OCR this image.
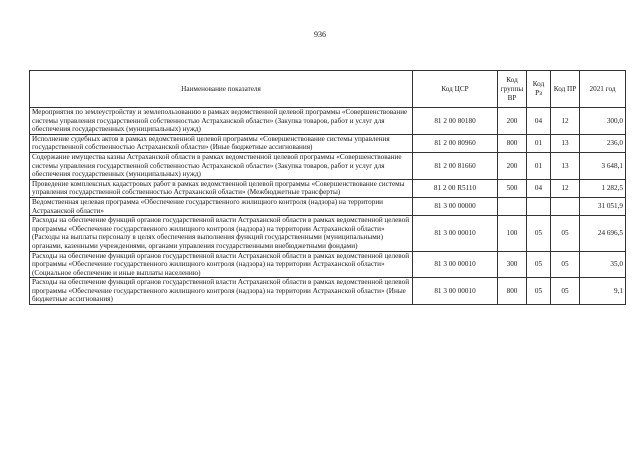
936
Наименование показателя	Код ЦСР	Код группы ВР	Код Рз	Код ПР	2021 год
Мероприятия по землеустройству и землепользованию в рамках ведомственной целевой программы «Совершенствование системы управления государственной собственностью Астраханской области» (Закупка товаров, работ и услуг для обеспечения государственных (муниципальных) нужд)	81 2 00 80180	200	04	12	300,0
Исполнение судебных актов в рамках ведомственной целевой программы «Совершенствование системы управления государственной собственностью Астраханской области» (Иные бюджетные ассигнования)	81 2 00 80960	800	01	13	236,0
Содержание имущества казны Астраханской области в рамках ведомственной целевой программы «Совершенствование системы управления государственной собственностью Астраханской области» (Закупка товаров, работ и услуг для обеспечения государственных (муниципальных) нужд)	81 2 00 81660	200	01	13	3 648,1
Проведение комплексных кадастровых работ в рамках ведомственной целевой программы «Совершенствование системы управления государственной собственностью Астраханской области» (Межбюджетные трансферты)	81 2 00 R5110	500	04	12	1 282,5
Ведомственная целевая программа «Обеспечение государственного жилищного контроля (надзора) на территории Астраханской области»	81 3 00 00000				31 051,9
Расходы на обеспечение функций органов государственной власти Астраханской области в рамках ведомственной целевой программы «Обеспечение государственного жилищного контроля (надзора) на территории Астраханской области» (Расходы на выплаты персоналу в целях обеспечения выполнения функций государственными (муниципальными) органами, казенными учреждениями, органами управления государственными внебюджетными фондами)	81 3 00 00010	100	05	05	24 696,5
Расходы на обеспечение функций органов государственной власти Астраханской области в рамках ведомственной целевой программы «Обеспечение государственного жилищного контроля (надзора) на территории Астраханской области» (Социальное обеспечение и иные выплаты населению)	81 3 00 00010	300	05	05	35,0
Расходы на обеспечение функций органов государственной власти Астраханской области в рамках ведомственной целевой программы «Обеспечение государственного жилищного контроля (надзора) на территории Астраханской области» (Иные бюджетные ассигнования)	81 3 00 00010	800	05	05	9,1
